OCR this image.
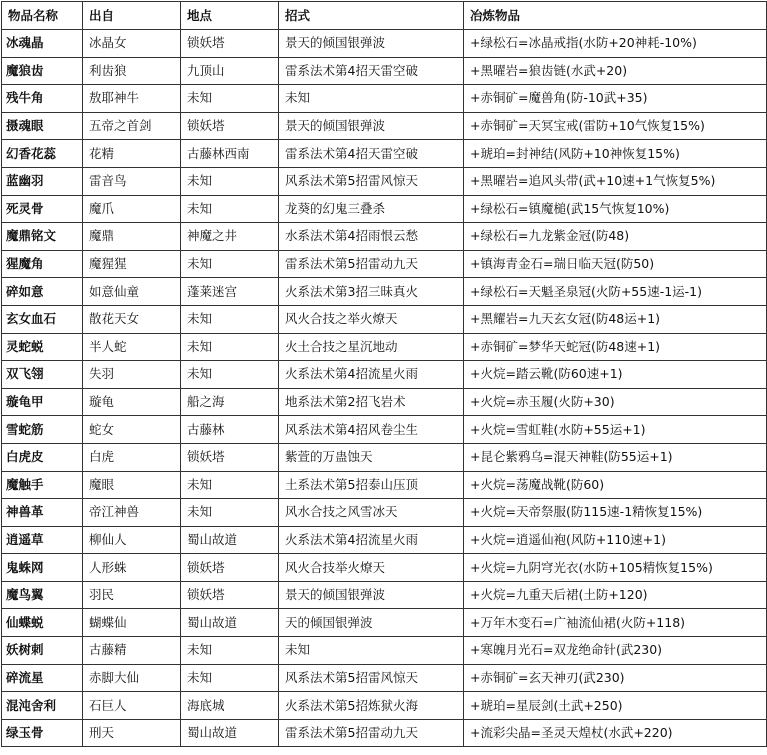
物品名称	出自	地点	招式	冶炼物品
冰魂晶	冰晶女	锁妖塔	景天的倾国银弹波	+绿松石=冰晶戒指(水防+20神耗-10%)
魔狼齿	利齿狼	九顶山	雷系法术第4招天雷空破	+黑曜岩=狼齿链(水武+20)
残牛角	敖耶神牛	未知	未知	+赤铜矿=魔兽角(防-10武+35)
摄魂眼	五帝之首剑	锁妖塔	景天的倾国银弹波	+赤铜矿=天冥宝戒(雷防+10气恢复15%)
幻香花蕊	花精	古藤林西南	雷系法术第4招天雷空破	+琥珀=封神结(风防+10神恢复15%)
蓝幽羽	雷音鸟	未知	风系法术第5招雷风惊天	+黑曜岩=追风头带(武+10速+1气恢复5%)
死灵骨	魔爪	未知	龙葵的幻鬼三叠杀	+绿松石=镇魔槌(武15气恢复10%)
魔鼎铭文	魔鼎	神魔之井	水系法术第4招雨恨云愁	+绿松石=九龙紫金冠(防48)
猩魔角	魔猩猩	未知	雷系法术第5招雷动九天	+镇海青金石=瑞日临天冠(防50)
碎如意	如意仙童	蓬莱迷宫	火系法术第3招三昧真火	+绿松石=天魁圣泉冠(火防+55速-1运-1)
玄女血石	散花天女	未知	风火合技之举火燎天	+黑耀岩=九天玄女冠(防48运+1)
灵蛇蜕	半人蛇	未知	火土合技之星沉地动	+赤铜矿=梦华天蛇冠(防48速+1)
双飞翎	失羽	未知	火系法术第4招流星火雨	+火烷=踏云靴(防60速+1)
璇龟甲	璇龟	船之海	地系法术第2招飞岩术	+火烷=赤玉履(火防+30)
雪蛇筋	蛇女	古藤林	风系法术第4招风卷尘生	+火烷=雪虹鞋(水防+55运+1)
白虎皮	白虎	锁妖塔	紫萱的万蛊蚀天	+昆仑紫鸦乌=混天神鞋(防55运+1)
魔触手	魔眼	未知	土系法术第5招泰山压顶	+火烷=荡魔战靴(防60)
神兽革	帝江神兽	未知	风水合技之风雪冰天	+火烷=天帝祭服(防115速-1精恢复15%)
逍遥草	柳仙人	蜀山故道	火系法术第4招流星火雨	+火烷=逍遥仙袍(风防+110速+1)
鬼蛛网	人形蛛	锁妖塔	风火合技举火燎天	+火烷=九阴穹光衣(水防+105精恢复15%)
魔鸟翼	羽民	锁妖塔	景天的倾国银弹波	+火烷=九重天后裙(土防+120)
仙蝶蜕	蝴蝶仙	蜀山故道	天的倾国银弹波	+万年木变石=广袖流仙裙(火防+118)
妖树刺	古藤精	未知	未知	+寒魄月光石=双龙绝命针(武230)
碎流星	赤脚大仙	未知	风系法术第5招雷风惊天	+赤铜矿=玄天神刃(武230)
混沌舍利	石巨人	海底城	火系法术第5招炼狱火海	+琥珀=星辰剑(土武+250)
绿玉骨	刑天	蜀山故道	雷系法术第5招雷动九天	+流彩尖晶=圣灵天煌杖(水武+220)
